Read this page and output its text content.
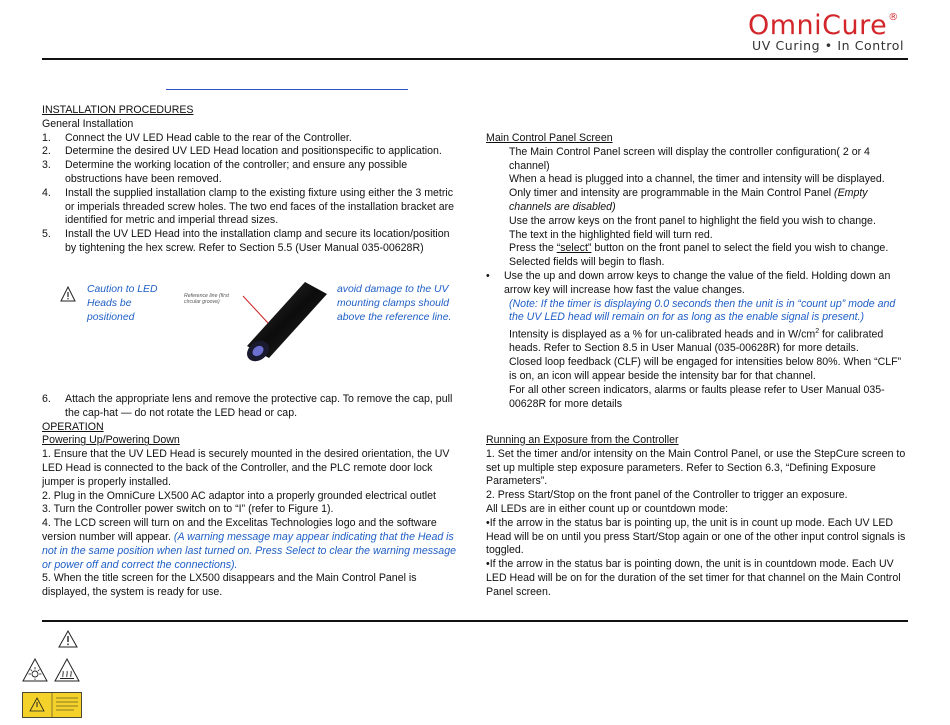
OmniCure®
UV Curing • In Control

INSTALLATION PROCEDURES

General Installation

1.	Connect the UV LED Head cable to the rear of the Controller.
2.	Determine the desired UV LED Head location and positionspecific to application.
3.	Determine the working location of the controller; and ensure any possible obstructions have been removed.
4.	Install the supplied installation clamp to the existing fixture using either the 3 metric or imperials threaded screw holes. The two end faces of the installation bracket are identified for metric and imperial thread sizes.
5.	Install the UV LED Head into the installation clamp and secure its location/position by tightening the hex screw. Refer to Section 5.5 (User Manual 035-00628R)
Caution to LED Heads be positioned
Reference line (first circular groove)
avoid damage to the UV mounting clamps should above the reference line.
6.	Attach the appropriate lens and remove the protective cap. To remove the cap, pull the cap-hat — do not rotate the LED head or cap.

OPERATION

Powering Up/Powering Down

1. Ensure that the UV LED Head is securely mounted in the desired orientation, the UV LED Head is connected to the back of the Controller, and the PLC remote door lock jumper is properly installed.

2. Plug in the OmniCure LX500 AC adaptor into a properly grounded electrical outlet

3. Turn the Controller power switch on to “I” (refer to Figure 1).

4. The LCD screen will turn on and the Excelitas Technologies logo and the software version number will appear. (A warning message may appear indicating that the Head is not in the same position when last turned on. Press Select to clear the warning message or power off and correct the connections).

5. When the title screen for the LX500 disappears and the Main Control Panel is displayed, the system is ready for use.

Main Control Panel Screen

The Main Control Panel screen will display the controller configuration( 2 or 4 channel)

When a head is plugged into a channel, the timer and intensity will be displayed.

Only timer and intensity are programmable in the Main Control Panel (Empty channels are disabled)

Use the arrow keys on the front panel to highlight the field you wish to change.

The text in the highlighted field will turn red.

Press the “select” button on the front panel to select the field you wish to change.

Selected fields will begin to flash.

•	Use the up and down arrow keys to change the value of the field. Holding down an arrow key will increase how fast the value changes.

(Note: If the timer is displaying 0.0 seconds then the unit is in “count up” mode and the UV LED head will remain on for as long as the enable signal is present.)

Intensity is displayed as a % for un-calibrated heads and in $W/cm^2$ for calibrated heads. Refer to Section 8.5 in User Manual (035-00628R) for more details.

Closed loop feedback (CLF) will be engaged for intensities below 80%. When “CLF” is on, an icon will appear beside the intensity bar for that channel.

For all other screen indicators, alarms or faults please refer to User Manual 035-00628R for more details

Running an Exposure from the Controller

1. Set the timer and/or intensity on the Main Control Panel, or use the StepCure screen to set up multiple step exposure parameters. Refer to Section 6.3, “Defining Exposure Parameters”.

2. Press Start/Stop on the front panel of the Controller to trigger an exposure.

All LEDs are in either count up or countdown mode:

•If the arrow in the status bar is pointing up, the unit is in count up mode. Each UV LED Head will be on until you press Start/Stop again or one of the other input control signals is toggled.

•If the arrow in the status bar is pointing down, the unit is in countdown mode. Each UV LED Head will be on for the duration of the set timer for that channel on the Main Control Panel screen.
